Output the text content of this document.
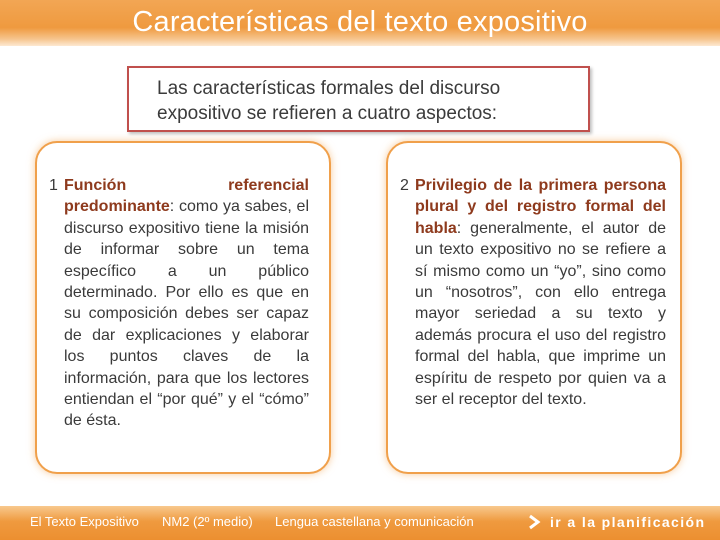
Características del texto expositivo
Las características formales del discurso expositivo se refieren a cuatro aspectos:
1 Función referencial predominante: como ya sabes, el discurso expositivo tiene la misión de informar sobre un tema específico a un público determinado. Por ello es que en su composición debes ser capaz de dar explicaciones y elaborar los puntos claves de la información, para que los lectores entiendan el “por qué” y el “cómo” de ésta.
2 Privilegio de la primera persona plural y del registro formal del habla: generalmente, el autor de un texto expositivo no se refiere a sí mismo como un “yo”, sino como un “nosotros”, con ello entrega mayor seriedad a su texto y además procura el uso del registro formal del habla, que imprime un espíritu de respeto por quien va a ser el receptor del texto.
El Texto Expositivo NM2 (2º medio) Lengua castellana y comunicación	ir a la planificación
